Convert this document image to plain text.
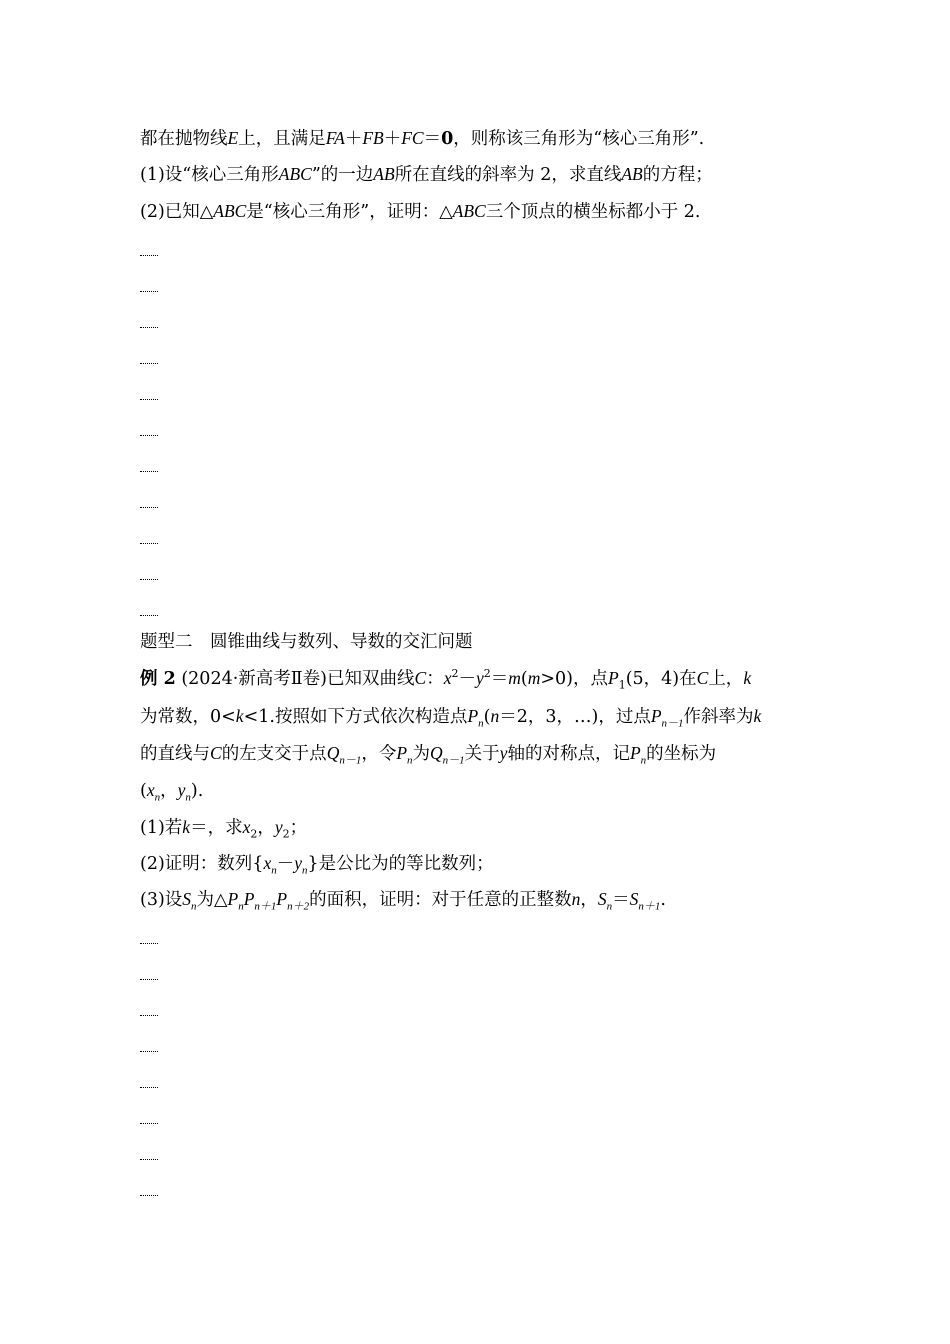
都在抛物线E上，且满足FA＋FB＋FC＝0，则称该三角形为“核心三角形”.
(1)设“核心三角形ABC”的一边AB所在直线的斜率为 2，求直线AB的方程；
(2)已知△ABC是“核心三角形”，证明：△ABC三个顶点的横坐标都小于 2.
题型二　圆锥曲线与数列、导数的交汇问题
例 2 (2024·新高考Ⅱ卷)已知双曲线C：$x^2-y^2=m(m>0)$，点$P_1(5$，4)在C上，k
为常数，0<k<1.按照如下方式依次构造点$P_n(n=2$，3，…)，过点$P_{n-1}$作斜率为k
的直线与C的左支交于点$Q_{n-1}$，令$P_n$为$Q_{n-1}$关于y轴的对称点，记$P_n$的坐标为
($x_n$，$y_n$).
(1)若k＝，求$x_2$，$y_2$；
(2)证明：数列$\{x_n-y_n\}$是公比为的等比数列；
(3)设$S_n$为$\triangle P_nP_{n+1}P_{n+2}$的面积，证明：对于任意的正整数n，$S_n=S_{n+1}$.
